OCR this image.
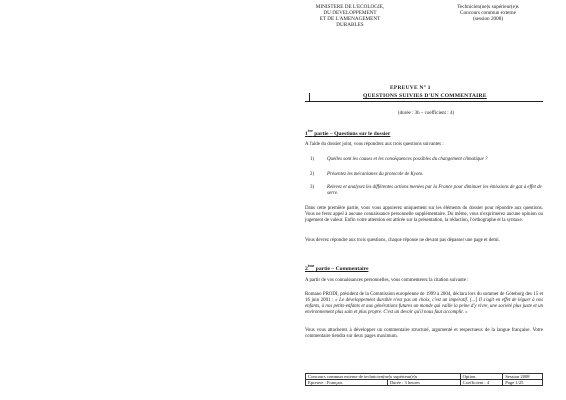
MINISTERE DE L'ECOLOGIE,
DU DEVELOPPEMENT
ET DE L'AMENAGEMENT
DURABLES
Technicien(ne)s supérieur(e)s
Concours commun externe
(session 2008)
EPREUVE N° 1
QUESTIONS SUIVIES D'UN COMMENTAIRE
(durée : 3h – coefficient : 4)
1ère partie – Questions sur le dossier
A l'aide du dossier joint, vous répondrez aux trois questions suivantes :
1)	Quelles sont les causes et les conséquences possibles du changement climatique ?
2)	Présentez les mécanismes du protocole de Kyoto.
3)	Relevez et analysez les différentes actions menées par la France pour diminuer les émissions de gaz à effet de serre.
Dans cette première partie, vous vous appuierez uniquement sur les éléments du dossier pour répondre aux questions. Vous ne ferez appel à aucune connaissance personnelle supplémentaire. Du même, vous n'exprimerez aucune opinion ou jugement de valeur. Enfin votre attention est attirée sur la présentation, la rédaction, l'orthographe et la syntaxe.
Vous devrez répondre aux trois questions, chaque réponse ne devant pas dépasser une page et demi.
2ème partie – Commentaire
A partir de vos connaissances personnelles, vous commenterez la citation suivante :
Romano PRODI, président de la Commission européenne de 1999 à 2004, déclara lors du sommet de Göteborg des 15 et 16 juin 2001 : « Le développement durable n'est pas un choix, c'est un impératif. [...] Il s'agit en effet de léguer à nos enfants, à nos petits-enfants et aux générations futures un monde qui vaille la peine d'y vivre, une société plus juste et un environnement plus sain et plus propre. C'est un devoir qu'il nous faut accomplir. »
Vous vous attacherez à développer un commentaire structuré, argumenté et respectueux de la langue française. Votre commentaire tiendra sur deux pages maximum.
Concours commun externe de technicien(ne)s supérieur(e)s		Option	Session 2008
Epreuve : Français	Durée : 3 heures	Coefficient : 4	Page 1/25
